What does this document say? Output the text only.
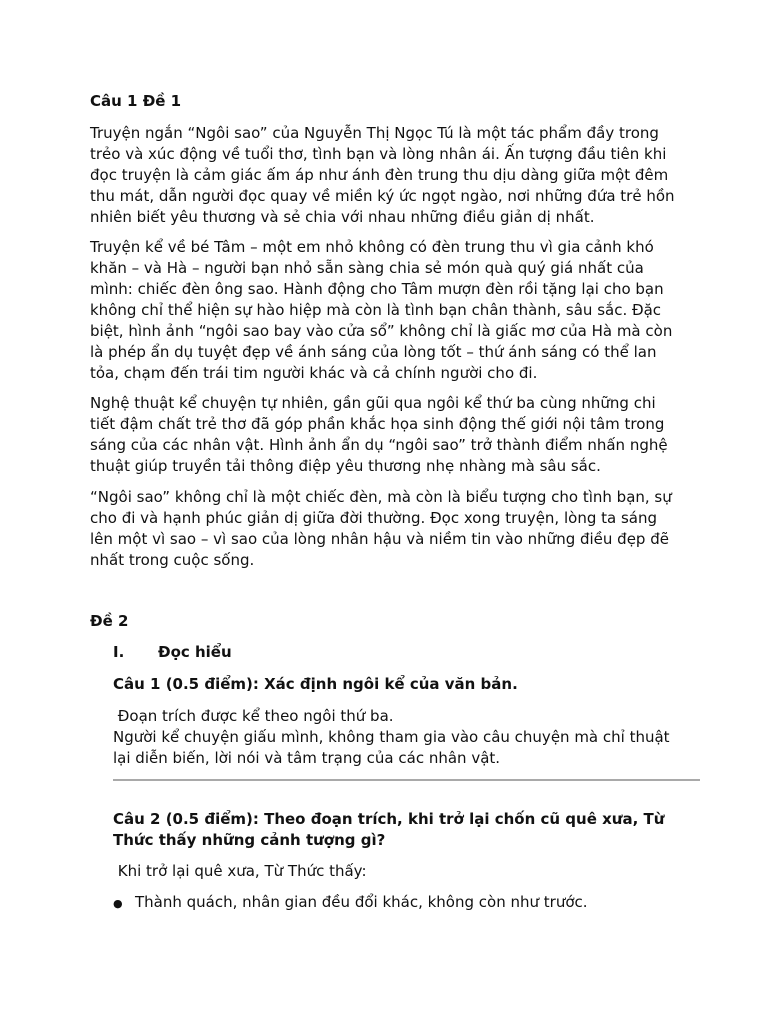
Câu 1 Đề 1
Truyện ngắn “Ngôi sao” của Nguyễn Thị Ngọc Tú là một tác phẩm đầy trong
trẻo và xúc động về tuổi thơ, tình bạn và lòng nhân ái. Ấn tượng đầu tiên khi
đọc truyện là cảm giác ấm áp như ánh đèn trung thu dịu dàng giữa một đêm
thu mát, dẫn người đọc quay về miền ký ức ngọt ngào, nơi những đứa trẻ hồn
nhiên biết yêu thương và sẻ chia với nhau những điều giản dị nhất.
Truyện kể về bé Tâm – một em nhỏ không có đèn trung thu vì gia cảnh khó
khăn – và Hà – người bạn nhỏ sẵn sàng chia sẻ món quà quý giá nhất của
mình: chiếc đèn ông sao. Hành động cho Tâm mượn đèn rồi tặng lại cho bạn
không chỉ thể hiện sự hào hiệp mà còn là tình bạn chân thành, sâu sắc. Đặc
biệt, hình ảnh “ngôi sao bay vào cửa sổ” không chỉ là giấc mơ của Hà mà còn
là phép ẩn dụ tuyệt đẹp về ánh sáng của lòng tốt – thứ ánh sáng có thể lan
tỏa, chạm đến trái tim người khác và cả chính người cho đi.
Nghệ thuật kể chuyện tự nhiên, gần gũi qua ngôi kể thứ ba cùng những chi
tiết đậm chất trẻ thơ đã góp phần khắc họa sinh động thế giới nội tâm trong
sáng của các nhân vật. Hình ảnh ẩn dụ “ngôi sao” trở thành điểm nhấn nghệ
thuật giúp truyền tải thông điệp yêu thương nhẹ nhàng mà sâu sắc.
“Ngôi sao” không chỉ là một chiếc đèn, mà còn là biểu tượng cho tình bạn, sự
cho đi và hạnh phúc giản dị giữa đời thường. Đọc xong truyện, lòng ta sáng
lên một vì sao – vì sao của lòng nhân hậu và niềm tin vào những điều đẹp đẽ
nhất trong cuộc sống.
Đề 2
I. Đọc hiểu
Câu 1 (0.5 điểm): Xác định ngôi kể của văn bản.
Đoạn trích được kể theo ngôi thứ ba.
Người kể chuyện giấu mình, không tham gia vào câu chuyện mà chỉ thuật
lại diễn biến, lời nói và tâm trạng của các nhân vật.
Câu 2 (0.5 điểm): Theo đoạn trích, khi trở lại chốn cũ quê xưa, Từ
Thức thấy những cảnh tượng gì?
Khi trở lại quê xưa, Từ Thức thấy:
● Thành quách, nhân gian đều đổi khác, không còn như trước.
